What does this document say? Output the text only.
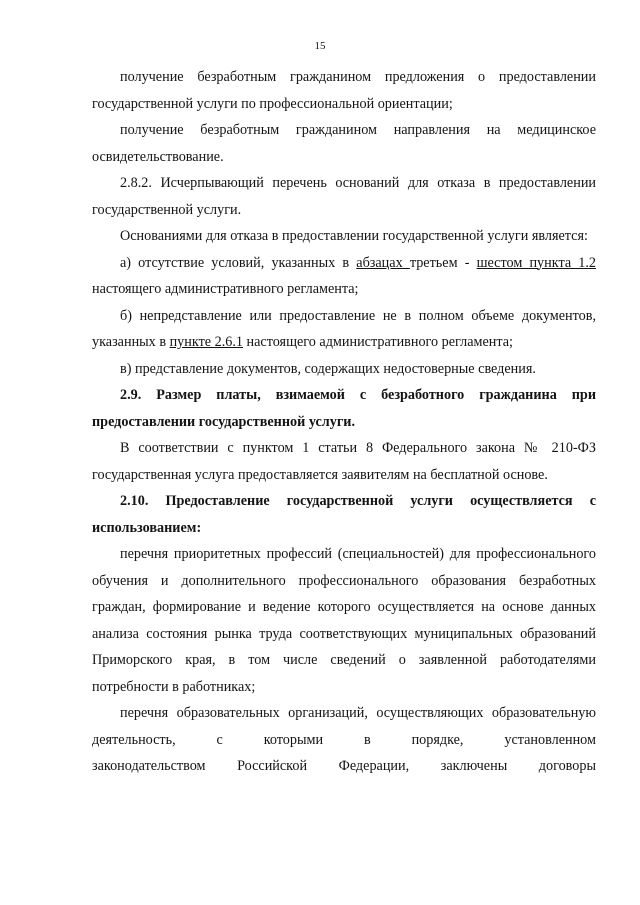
15

получение безработным гражданином предложения о предоставлении государственной услуги по профессиональной ориентации;

получение безработным гражданином направления на медицинское освидетельствование.

2.8.2. Исчерпывающий перечень оснований для отказа в предоставлении государственной услуги.

Основаниями для отказа в предоставлении государственной услуги является:

а) отсутствие условий, указанных в абзацах третьем - шестом пункта 1.2 настоящего административного регламента;

б) непредставление или предоставление не в полном объеме документов, указанных в пункте 2.6.1 настоящего административного регламента;

в) представление документов, содержащих недостоверные сведения.

2.9. Размер платы, взимаемой с безработного гражданина при предоставлении государственной услуги.

В соответствии с пунктом 1 статьи 8 Федерального закона № 210-ФЗ государственная услуга предоставляется заявителям на бесплатной основе.

2.10. Предоставление государственной услуги осуществляется с использованием:

перечня приоритетных профессий (специальностей) для профессионального обучения и дополнительного профессионального образования безработных граждан, формирование и ведение которого осуществляется на основе данных анализа состояния рынка труда соответствующих муниципальных образований Приморского края, в том числе сведений о заявленной работодателями потребности в работниках;

перечня образовательных организаций, осуществляющих образовательную деятельность, с которыми в порядке, установленном

законодательством Российской Федерации, заключены договоры
